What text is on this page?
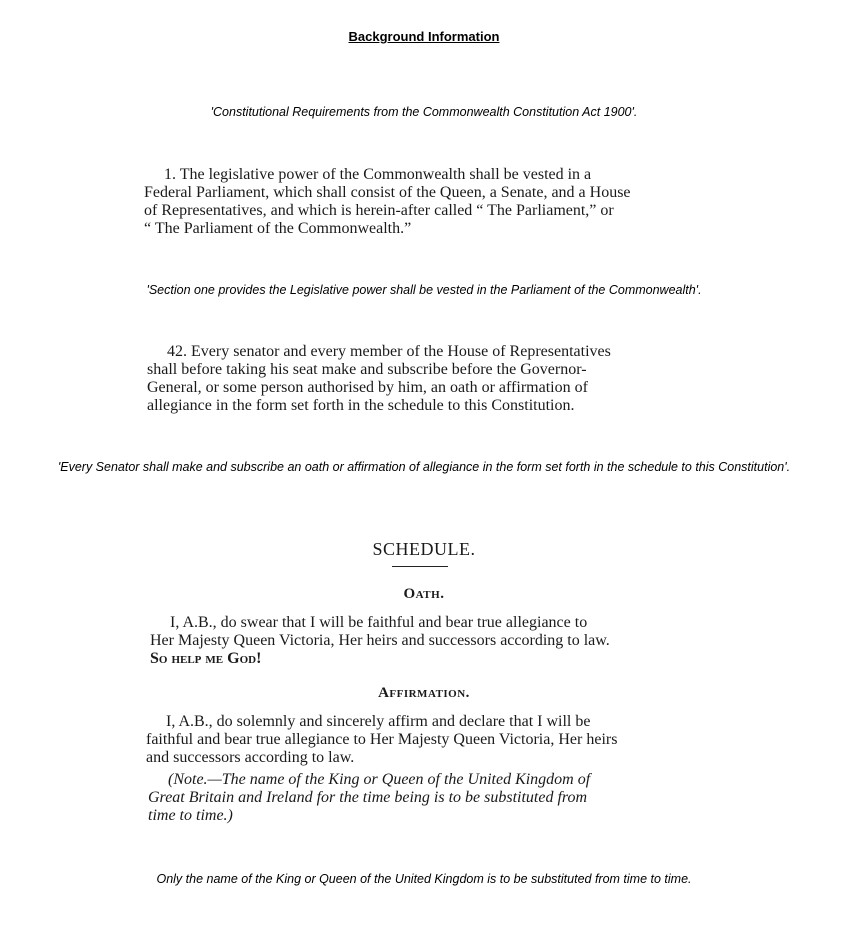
Background Information
'Constitutional Requirements from the Commonwealth Constitution Act 1900'.

1. The legislative power of the Commonwealth shall be vested in a

Federal Parliament, which shall consist of the Queen, a Senate, and a House

of Representatives, and which is herein-after called “ The Parliament,” or

“ The Parliament of the Commonwealth.”

'Section one provides the Legislative power shall be vested in the Parliament of the Commonwealth'.

42. Every senator and every member of the House of Representatives

shall before taking his seat make and subscribe before the Governor-

General, or some person authorised by him, an oath or affirmation of

allegiance in the form set forth in the schedule to this Constitution.

'Every Senator shall make and subscribe an oath or affirmation of allegiance in the form set forth in the schedule to this Constitution'.
SCHEDULE.
Oath.

I, A.B., do swear that I will be faithful and bear true allegiance to

Her Majesty Queen Victoria, Her heirs and successors according to law.

So help me God!

Affirmation.

I, A.B., do solemnly and sincerely affirm and declare that I will be

faithful and bear true allegiance to Her Majesty Queen Victoria, Her heirs

and successors according to law.

(Note.—The name of the King or Queen of the United Kingdom of

Great Britain and Ireland for the time being is to be substituted from

time to time.)

Only the name of the King or Queen of the United Kingdom is to be substituted from time to time.
